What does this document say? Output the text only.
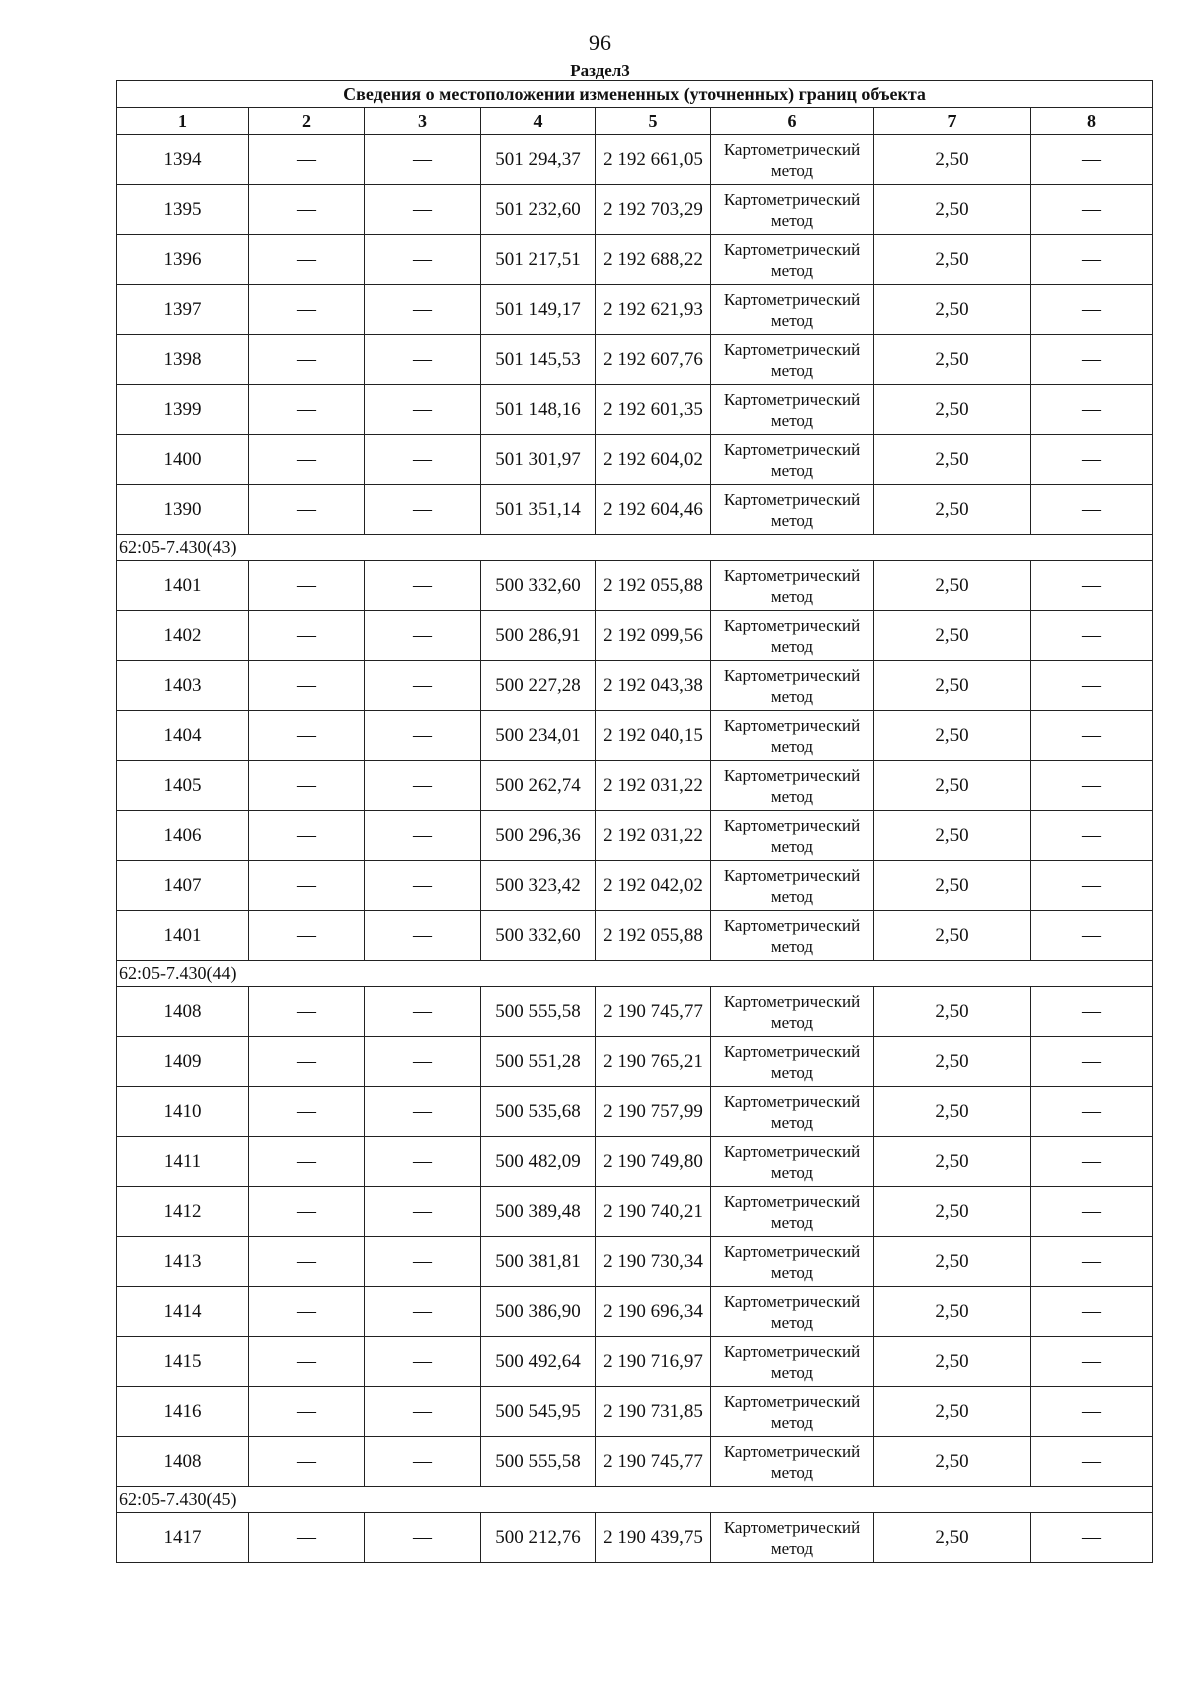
96
Раздел3
Сведения о местоположении измененных (уточненных) границ объекта							
1	2	3	4	5	6	7	8
1394	—	—	501 294,37	2 192 661,05	Картометрический метод	2,50	—
1395	—	—	501 232,60	2 192 703,29	Картометрический метод	2,50	—
1396	—	—	501 217,51	2 192 688,22	Картометрический метод	2,50	—
1397	—	—	501 149,17	2 192 621,93	Картометрический метод	2,50	—
1398	—	—	501 145,53	2 192 607,76	Картометрический метод	2,50	—
1399	—	—	501 148,16	2 192 601,35	Картометрический метод	2,50	—
1400	—	—	501 301,97	2 192 604,02	Картометрический метод	2,50	—
1390	—	—	501 351,14	2 192 604,46	Картометрический метод	2,50	—
62:05-7.430(43)							
1401	—	—	500 332,60	2 192 055,88	Картометрический метод	2,50	—
1402	—	—	500 286,91	2 192 099,56	Картометрический метод	2,50	—
1403	—	—	500 227,28	2 192 043,38	Картометрический метод	2,50	—
1404	—	—	500 234,01	2 192 040,15	Картометрический метод	2,50	—
1405	—	—	500 262,74	2 192 031,22	Картометрический метод	2,50	—
1406	—	—	500 296,36	2 192 031,22	Картометрический метод	2,50	—
1407	—	—	500 323,42	2 192 042,02	Картометрический метод	2,50	—
1401	—	—	500 332,60	2 192 055,88	Картометрический метод	2,50	—
62:05-7.430(44)							
1408	—	—	500 555,58	2 190 745,77	Картометрический метод	2,50	—
1409	—	—	500 551,28	2 190 765,21	Картометрический метод	2,50	—
1410	—	—	500 535,68	2 190 757,99	Картометрический метод	2,50	—
1411	—	—	500 482,09	2 190 749,80	Картометрический метод	2,50	—
1412	—	—	500 389,48	2 190 740,21	Картометрический метод	2,50	—
1413	—	—	500 381,81	2 190 730,34	Картометрический метод	2,50	—
1414	—	—	500 386,90	2 190 696,34	Картометрический метод	2,50	—
1415	—	—	500 492,64	2 190 716,97	Картометрический метод	2,50	—
1416	—	—	500 545,95	2 190 731,85	Картометрический метод	2,50	—
1408	—	—	500 555,58	2 190 745,77	Картометрический метод	2,50	—
62:05-7.430(45)							
1417	—	—	500 212,76	2 190 439,75	Картометрический метод	2,50	—
